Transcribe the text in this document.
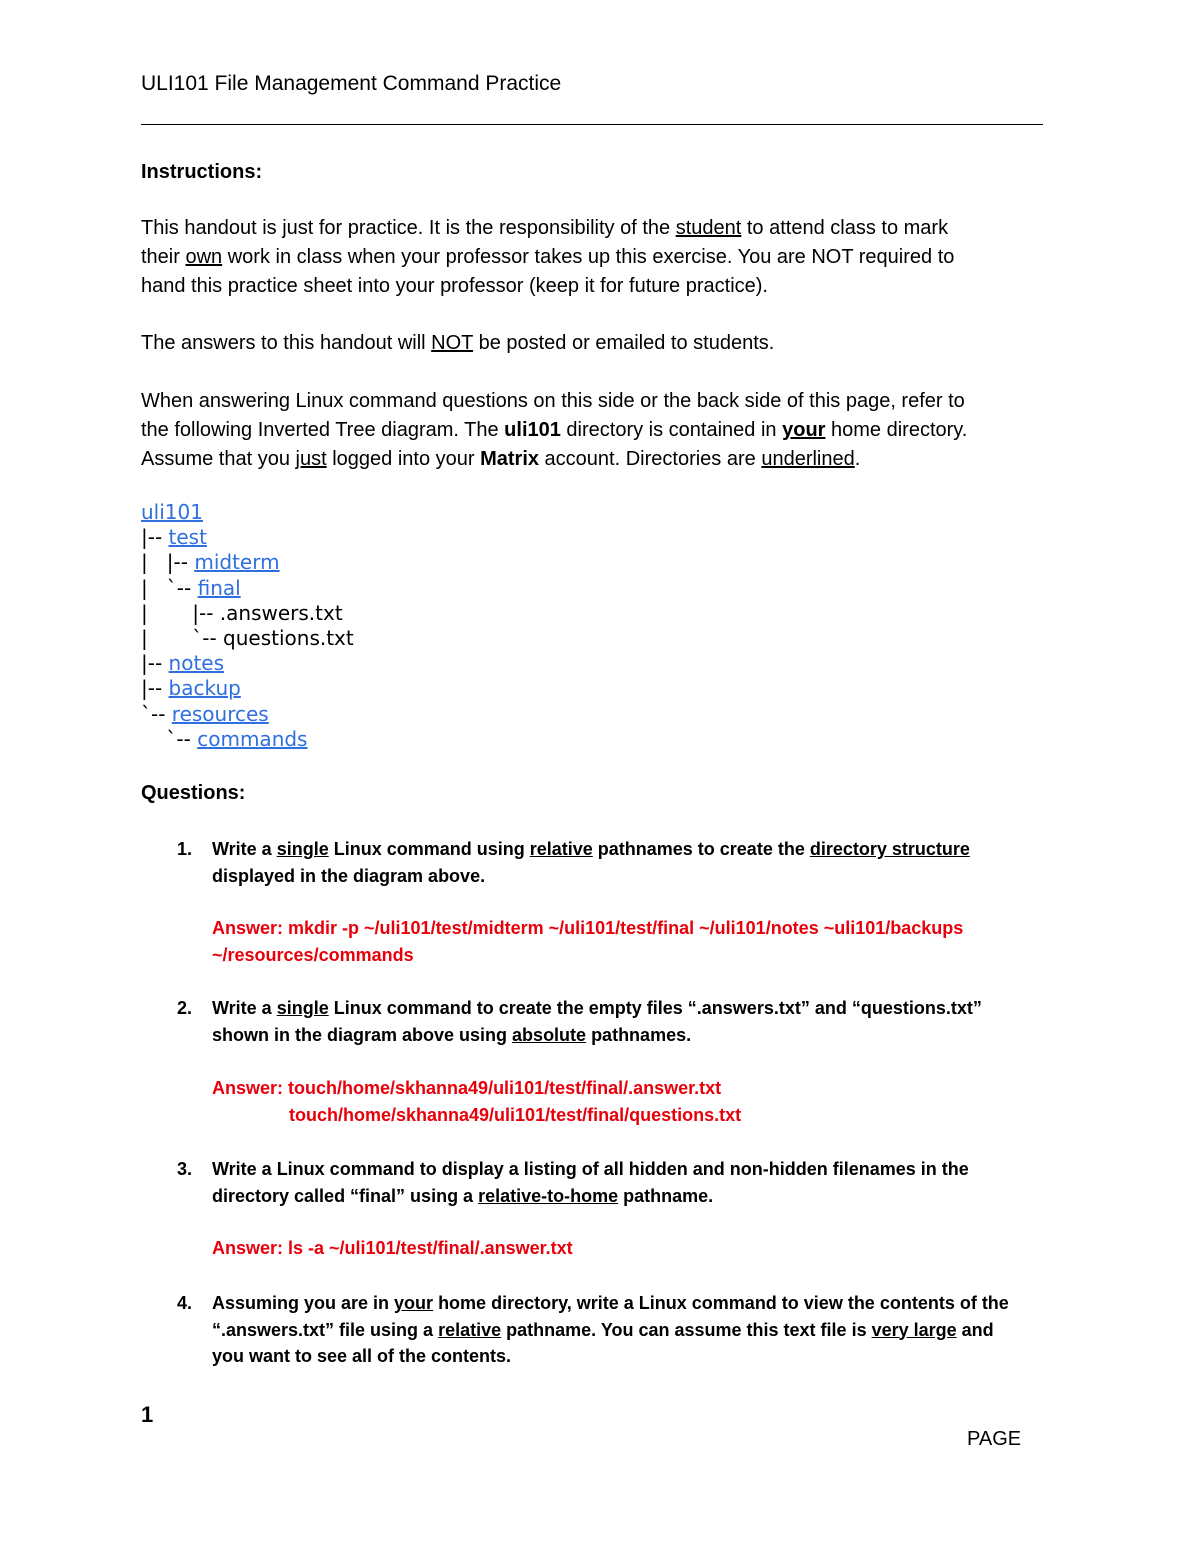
ULI101 File Management Command Practice
Instructions:
This handout is just for practice. It is the responsibility of the student to attend class to mark
their own work in class when your professor takes up this exercise. You are NOT required to
hand this practice sheet into your professor (keep it for future practice).
The answers to this handout will NOT be posted or emailed to students.
When answering Linux command questions on this side or the back side of this page, refer to
the following Inverted Tree diagram. The uli101 directory is contained in your home directory.
Assume that you just logged into your Matrix account. Directories are underlined.
uli101
|-- test
|   |-- midterm
|   `-- final
|       |-- .answers.txt
|       `-- questions.txt
|-- notes
|-- backup
`-- resources
`-- commands
Questions:
1. Write a single Linux command using relative pathnames to create the directory structure
displayed in the diagram above.
Answer: mkdir -p ~/uli101/test/midterm ~/uli101/test/final ~/uli101/notes ~uli101/backups
~/resources/commands
2. Write a single Linux command to create the empty files “.answers.txt” and “questions.txt”
shown in the diagram above using absolute pathnames.
Answer: touch/home/skhanna49/uli101/test/final/.answer.txt
touch/home/skhanna49/uli101/test/final/questions.txt
3. Write a Linux command to display a listing of all hidden and non-hidden filenames in the
directory called “final” using a relative-to-home pathname.
Answer: ls -a ~/uli101/test/final/.answer.txt
4. Assuming you are in your home directory, write a Linux command to view the contents of the
“.answers.txt” file using a relative pathname. You can assume this text file is very large and
you want to see all of the contents.
1
PAGE
